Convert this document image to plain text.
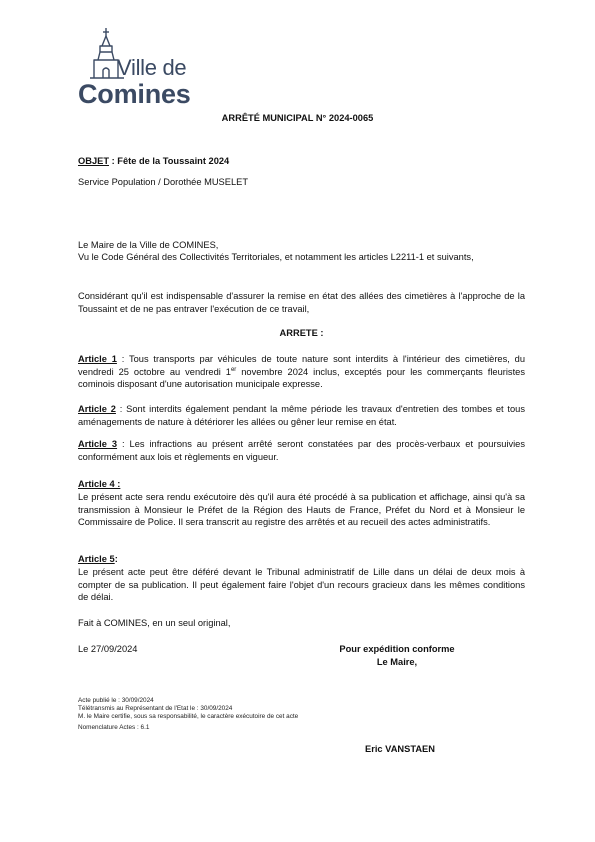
Ville de
Comines
ARRÊTÉ MUNICIPAL N° 2024-0065
OBJET : Fête de la Toussaint 2024
Service Population / Dorothée MUSELET
Le Maire de la Ville de COMINES,
Vu le Code Général des Collectivités Territoriales, et notamment les articles L2211-1 et suivants,
Considérant qu'il est indispensable d'assurer la remise en état des allées des cimetières à l'approche de la Toussaint et de ne pas entraver l'exécution de ce travail,
ARRETE :
Article 1 : Tous transports par véhicules de toute nature sont interdits à l'intérieur des cimetières, du vendredi 25 octobre au vendredi 1er novembre 2024 inclus, exceptés pour les commerçants fleuristes cominois disposant d'une autorisation municipale expresse.
Article 2 : Sont interdits également pendant la même période les travaux d'entretien des tombes et tous aménagements de nature à détériorer les allées ou gêner leur remise en état.
Article 3 : Les infractions au présent arrêté seront constatées par des procès-verbaux et poursuivies conformément aux lois et règlements en vigueur.
Article 4 :
Le présent acte sera rendu exécutoire dès qu'il aura été procédé à sa publication et affichage, ainsi qu'à sa transmission à Monsieur le Préfet de la Région des Hauts de France, Préfet du Nord et à Monsieur le Commissaire de Police. Il sera transcrit au registre des arrêtés et au recueil des actes administratifs.
Article 5:
Le présent acte peut être déféré devant le Tribunal administratif de Lille dans un délai de deux mois à compter de sa publication. Il peut également faire l'objet d'un recours gracieux dans les mêmes conditions de délai.
Fait à COMINES, en un seul original,
Le 27/09/2024	Pour expédition conforme
Le Maire,
Acte publié le : 30/09/2024
Télétransmis au Représentant de l'Etat le : 30/09/2024
M. le Maire certifie, sous sa responsabilité, le caractère exécutoire de cet acte
Nomenclature Actes : 6.1
Eric VANSTAEN
